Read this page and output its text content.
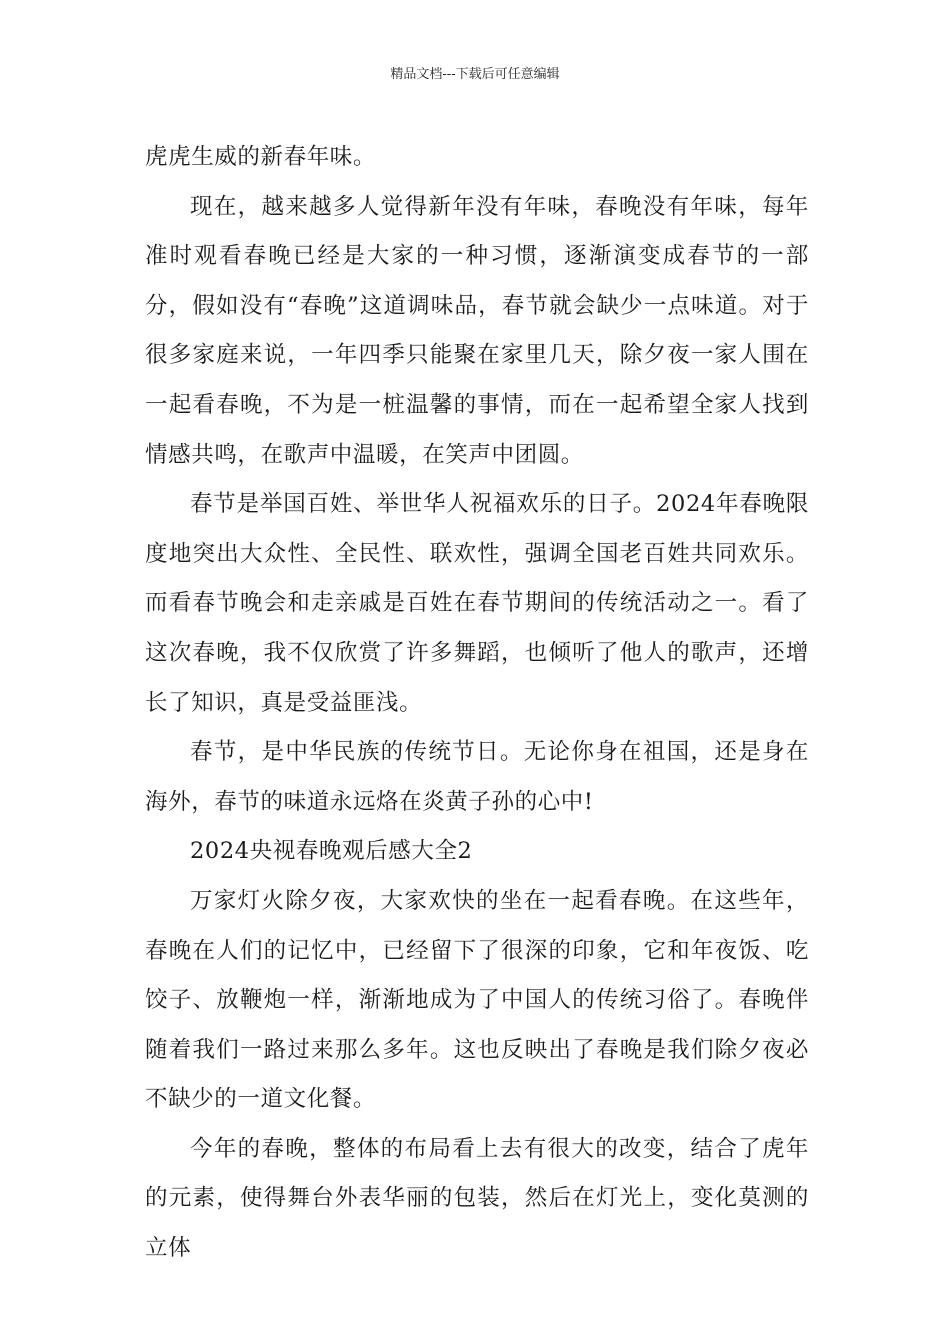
精品文档---下载后可任意编辑

虎虎生威的新春年味。

现在，越来越多人觉得新年没有年味，春晚没有年味，每年准时观看春晚已经是大家的一种习惯，逐渐演变成春节的一部分，假如没有“春晚”这道调味品，春节就会缺少一点味道。对于很多家庭来说，一年四季只能聚在家里几天，除夕夜一家人围在一起看春晚，不为是一桩温馨的事情，而在一起希望全家人找到情感共鸣，在歌声中温暖，在笑声中团圆。

春节是举国百姓、举世华人祝福欢乐的日子。2024年春晚限度地突出大众性、全民性、联欢性，强调全国老百姓共同欢乐。 而看春节晚会和走亲戚是百姓在春节期间的传统活动之一。看了这次春晚，我不仅欣赏了许多舞蹈，也倾听了他人的歌声，还增长了知识，真是受益匪浅。

春节，是中华民族的传统节日。无论你身在祖国，还是身在海外，春节的味道永远烙在炎黄子孙的心中!

2024央视春晚观后感大全2

万家灯火除夕夜，大家欢快的坐在一起看春晚。在这些年，春晚在人们的记忆中，已经留下了很深的印象，它和年夜饭、吃饺子、放鞭炮一样，渐渐地成为了中国人的传统习俗了。春晚伴随着我们一路过来那么多年。这也反映出了春晚是我们除夕夜必不缺少的一道文化餐。

今年的春晚，整体的布局看上去有很大的改变，结合了虎年的元素，使得舞台外表华丽的包装，然后在灯光上，变化莫测的立体
